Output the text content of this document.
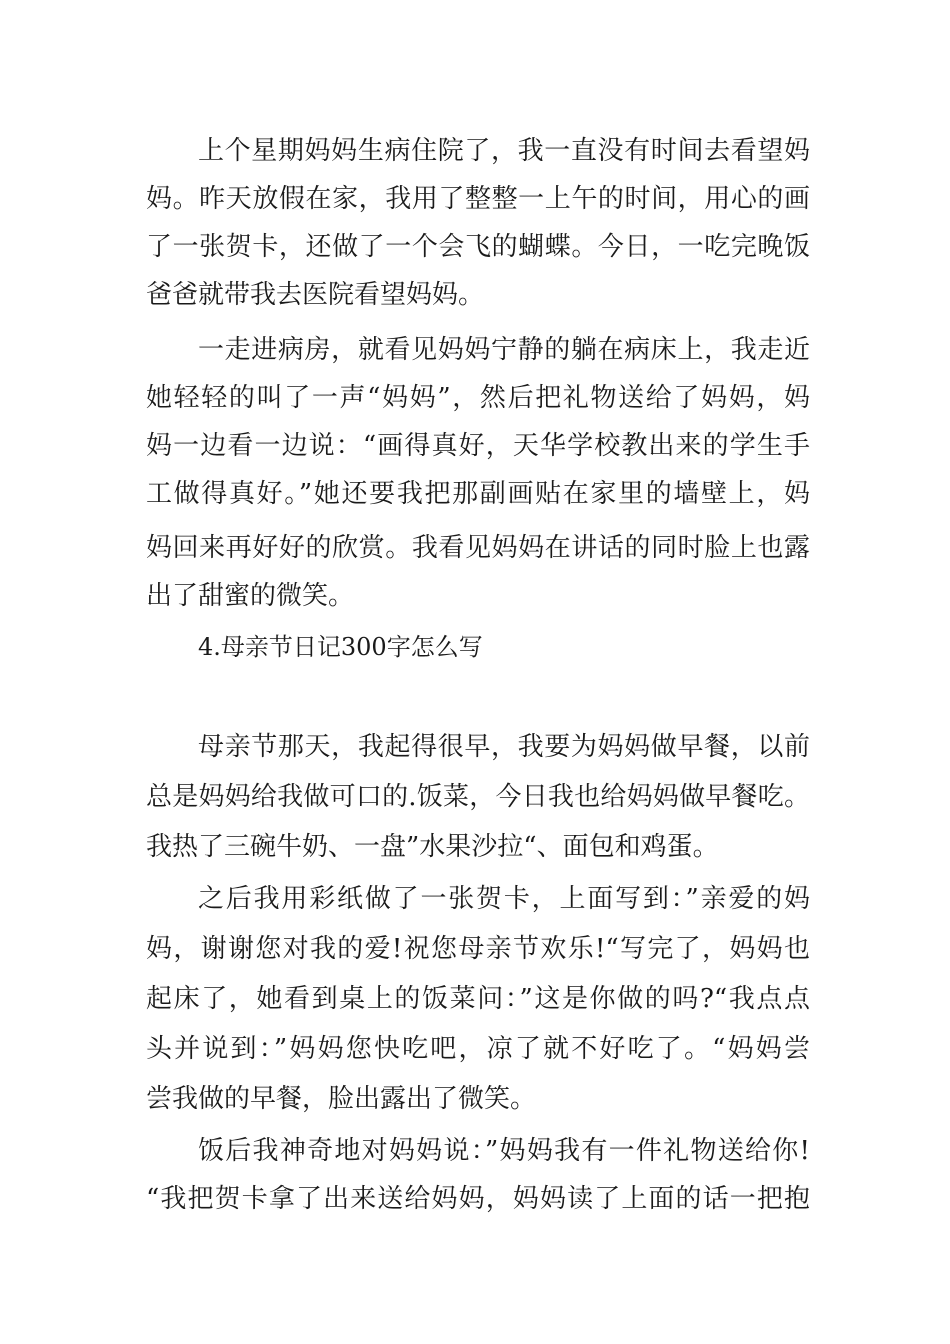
上个星期妈妈生病住院了，我一直没有时间去看望妈
妈。昨天放假在家，我用了整整一上午的时间，用心的画
了一张贺卡，还做了一个会飞的蝴蝶。今日，一吃完晚饭
爸爸就带我去医院看望妈妈。
一走进病房，就看见妈妈宁静的躺在病床上，我走近
她轻轻的叫了一声“妈妈”，然后把礼物送给了妈妈，妈
妈一边看一边说：“画得真好，天华学校教出来的学生手
工做得真好。”她还要我把那副画贴在家里的墙壁上，妈
妈回来再好好的欣赏。我看见妈妈在讲话的同时脸上也露
出了甜蜜的微笑。
4.母亲节日记300字怎么写
母亲节那天，我起得很早，我要为妈妈做早餐，以前
总是妈妈给我做可口的.饭菜，今日我也给妈妈做早餐吃。
我热了三碗牛奶、一盘”水果沙拉“、面包和鸡蛋。
之后我用彩纸做了一张贺卡，上面写到：”亲爱的妈
妈，谢谢您对我的爱!祝您母亲节欢乐!“写完了，妈妈也
起床了，她看到桌上的饭菜问：”这是你做的吗?“我点点
头并说到：”妈妈您快吃吧，凉了就不好吃了。“妈妈尝
尝我做的早餐，脸出露出了微笑。
饭后我神奇地对妈妈说：”妈妈我有一件礼物送给你!
“我把贺卡拿了出来送给妈妈，妈妈读了上面的话一把抱
